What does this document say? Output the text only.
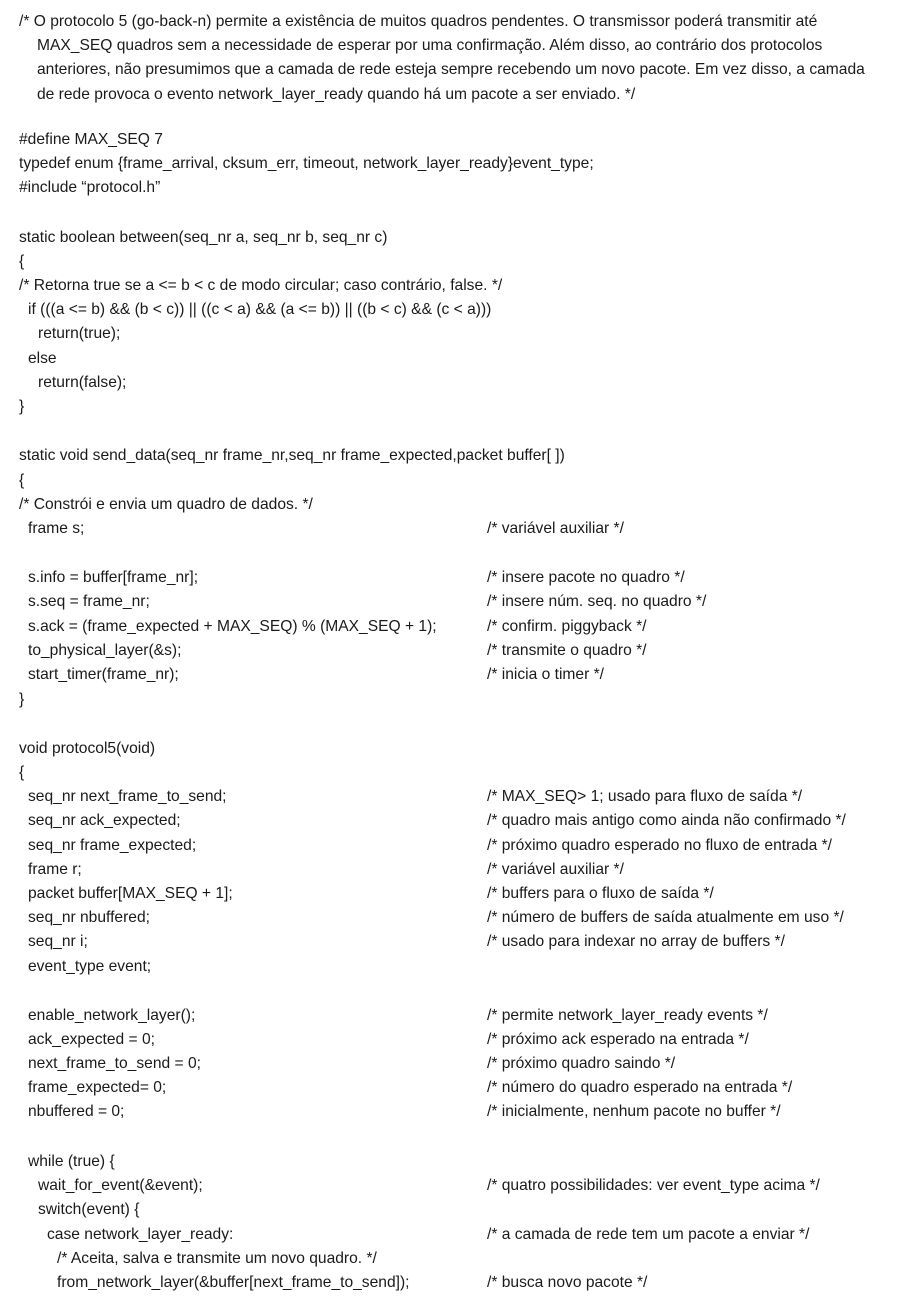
/* O protocolo 5 (go-back-n) permite a existência de muitos quadros pendentes. O transmissor poderá transmitir até
MAX_SEQ quadros sem a necessidade de esperar por uma confirmação. Além disso, ao contrário dos protocolos
anteriores, não presumimos que a camada de rede esteja sempre recebendo um novo pacote. Em vez disso, a camada
de rede provoca o evento network_layer_ready quando há um pacote a ser enviado. */
#define MAX_SEQ 7
typedef enum {frame_arrival, cksum_err, timeout, network_layer_ready}event_type;
#include “protocol.h”
static boolean between(seq_nr a, seq_nr b, seq_nr c)
{
/* Retorna true se a <= b < c de modo circular; caso contrário, false. */
if (((a <= b) && (b < c)) || ((c < a) && (a <= b)) || ((b < c) && (c < a)))
return(true);
else
return(false);
}
static void send_data(seq_nr frame_nr,seq_nr frame_expected,packet buffer[ ])
{
/* Constrói e envia um quadro de dados. */
frame s;	/* variável auxiliar */
s.info = buffer[frame_nr];	/* insere pacote no quadro */
s.seq = frame_nr;	/* insere núm. seq. no quadro */
s.ack = (frame_expected + MAX_SEQ) % (MAX_SEQ + 1);	/* confirm. piggyback */
to_physical_layer(&s);	/* transmite o quadro */
start_timer(frame_nr);	/* inicia o timer */
}
void protocol5(void)
{
seq_nr next_frame_to_send;	/* MAX_SEQ> 1; usado para fluxo de saída */
seq_nr ack_expected;	/* quadro mais antigo como ainda não confirmado */
seq_nr frame_expected;	/* próximo quadro esperado no fluxo de entrada */
frame r;	/* variável auxiliar */
packet buffer[MAX_SEQ + 1];	/* buffers para o fluxo de saída */
seq_nr nbuffered;	/* número de buffers de saída atualmente em uso */
seq_nr i;	/* usado para indexar no array de buffers */
event_type event;
enable_network_layer();	/* permite network_layer_ready events */
ack_expected = 0;	/* próximo ack esperado na entrada */
next_frame_to_send = 0;	/* próximo quadro saindo */
frame_expected= 0;	/* número do quadro esperado na entrada */
nbuffered = 0;	/* inicialmente, nenhum pacote no buffer */
while (true) {
wait_for_event(&event);	/* quatro possibilidades: ver event_type acima */
switch(event) {
case network_layer_ready:	/* a camada de rede tem um pacote a enviar */
/* Aceita, salva e transmite um novo quadro. */
from_network_layer(&buffer[next_frame_to_send]);	/* busca novo pacote */
